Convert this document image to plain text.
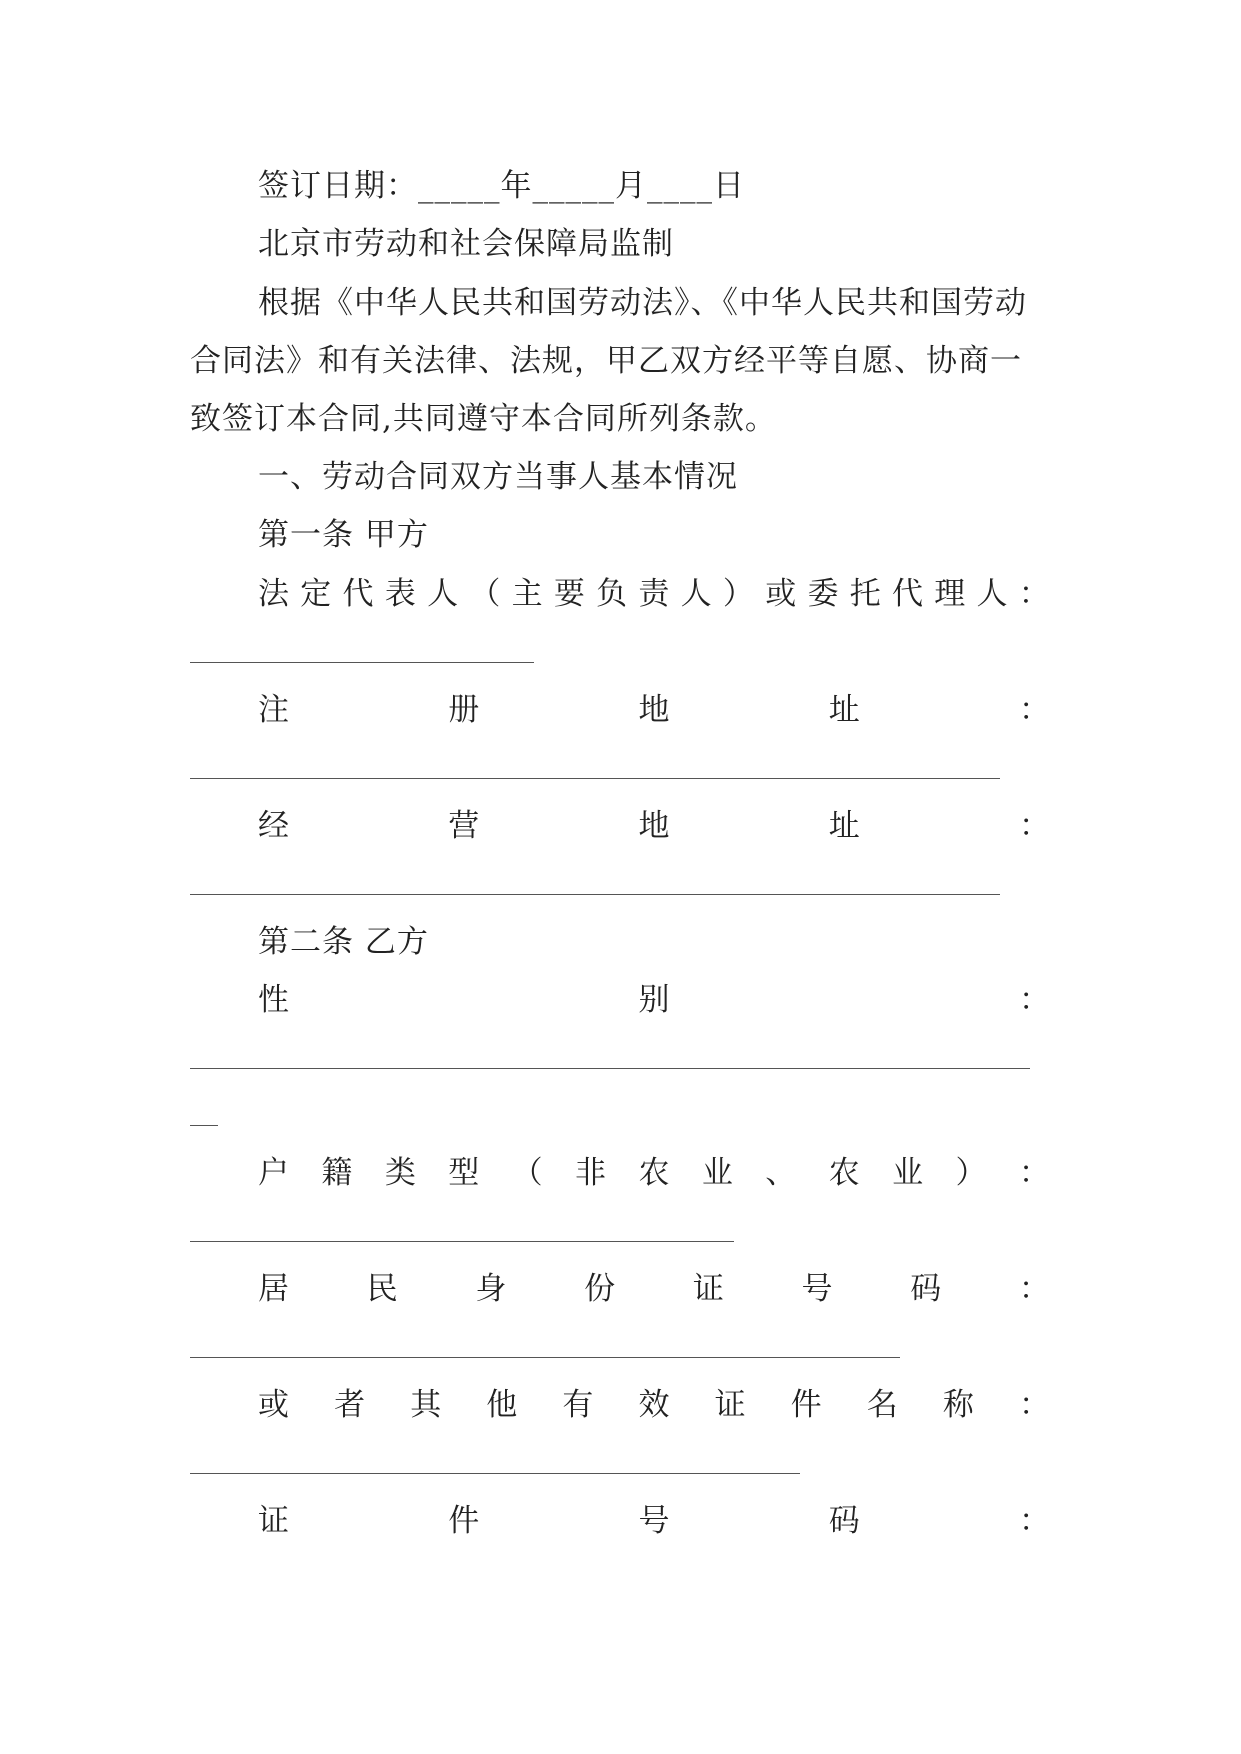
签订日期：_____年_____月____日
北京市劳动和社会保障局监制
根据《中华人民共和国劳动法》、《中华人民共和国劳动
合同法》和有关法律、法规，甲乙双方经平等自愿、协商一
致签订本合同,共同遵守本合同所列条款。
一、劳动合同双方当事人基本情况
第一条 甲方
法 定 代 表 人 （ 主 要 负 责 人 ） 或 委 托 代 理 人 ：
注	册	地	址	：
经	营	地	址	：
第二条 乙方
性	别	：
户 籍 类 型 （ 非 农 业 、 农 业 ） ：
居	民	身	份	证	号	码	：
或 者 其 他 有 效 证 件 名 称 ：
证	件	号	码	：
